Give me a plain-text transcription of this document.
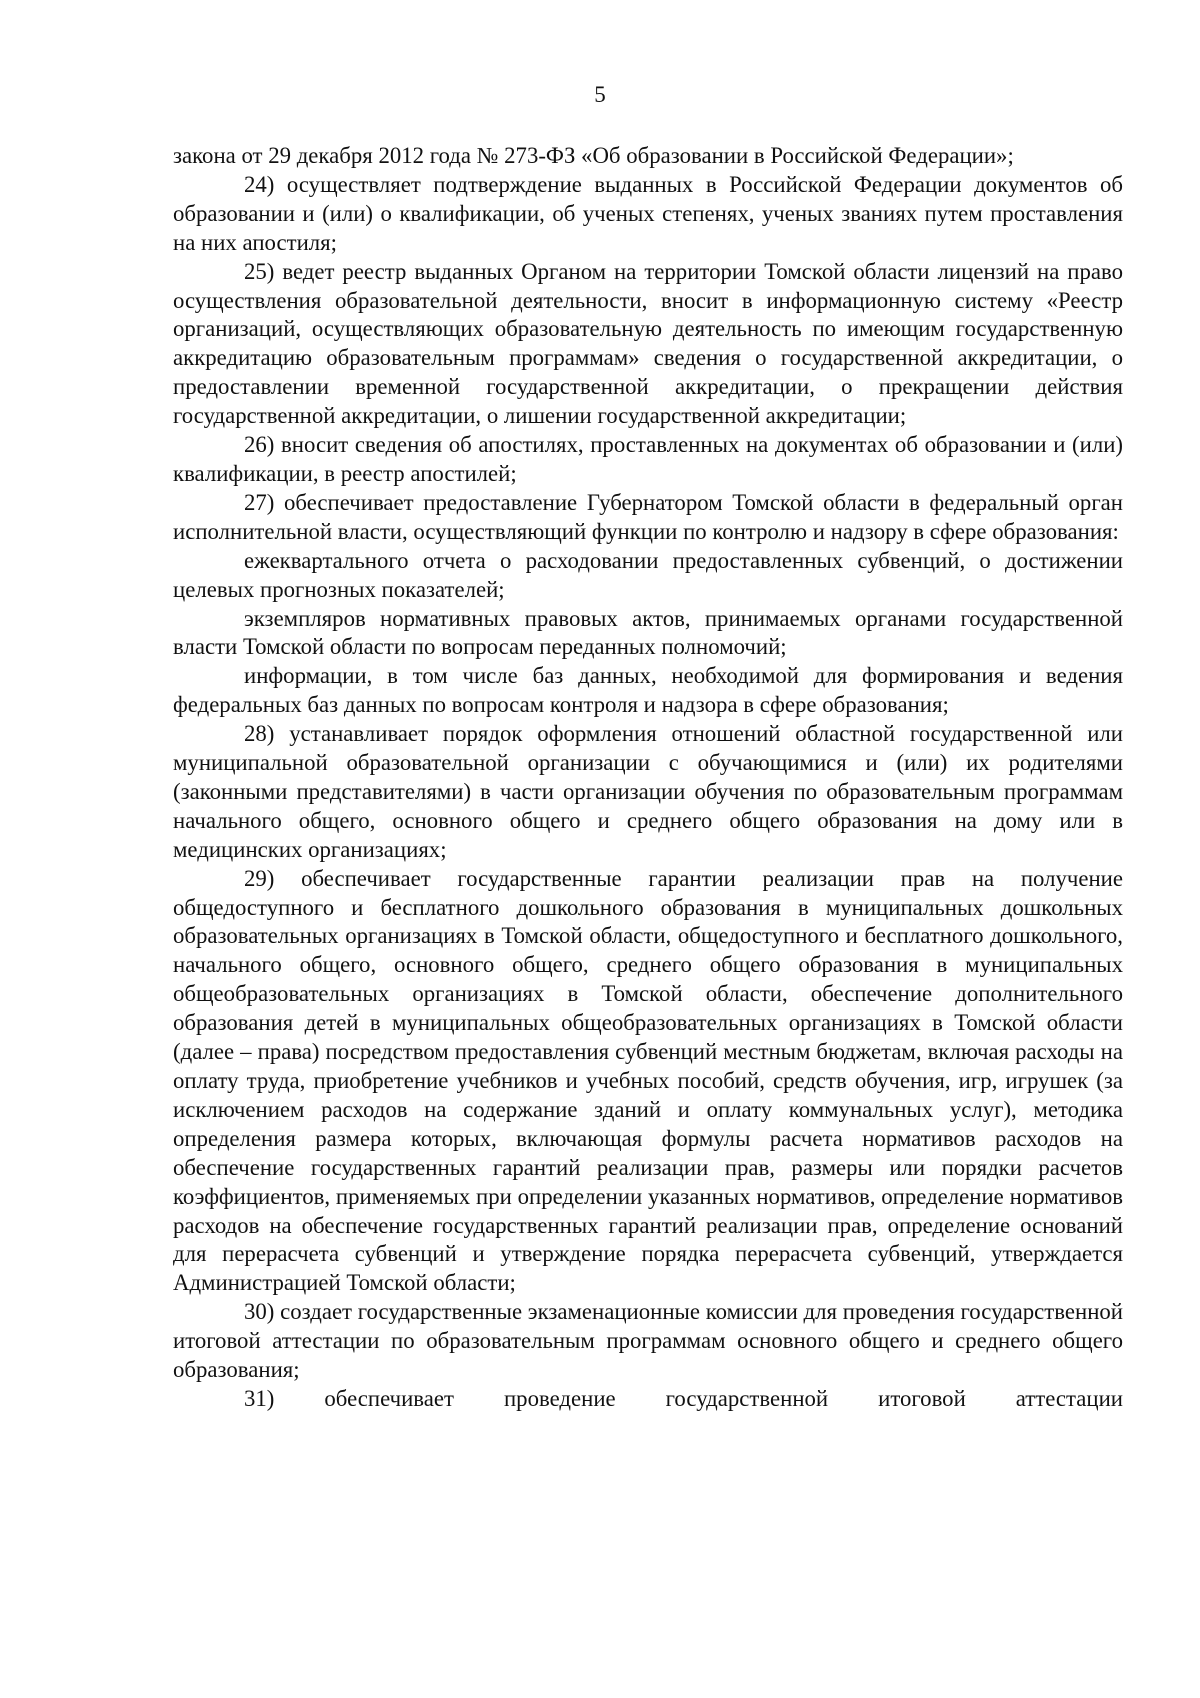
5

закона от 29 декабря 2012 года № 273-ФЗ «Об образовании в Российской Федерации»;

24) осуществляет подтверждение выданных в Российской Федерации документов об образовании и (или) о квалификации, об ученых степенях, ученых званиях путем проставления на них апостиля;

25) ведет реестр выданных Органом на территории Томской области лицензий на право осуществления образовательной деятельности, вносит в информационную систему «Реестр организаций, осуществляющих образовательную деятельность по имеющим государственную аккредитацию образовательным программам» сведения о государственной аккредитации, о предоставлении временной государственной аккредитации, о прекращении действия государственной аккредитации, о лишении государственной аккредитации;

26) вносит сведения об апостилях, проставленных на документах об образовании и (или) квалификации, в реестр апостилей;

27) обеспечивает предоставление Губернатором Томской области в федеральный орган исполнительной власти, осуществляющий функции по контролю и надзору в сфере образования:

ежеквартального отчета о расходовании предоставленных субвенций, о достижении целевых прогнозных показателей;

экземпляров нормативных правовых актов, принимаемых органами государственной власти Томской области по вопросам переданных полномочий;

информации, в том числе баз данных, необходимой для формирования и ведения федеральных баз данных по вопросам контроля и надзора в сфере образования;

28) устанавливает порядок оформления отношений областной государственной или муниципальной образовательной организации с обучающимися и (или) их родителями (законными представителями) в части организации обучения по образовательным программам начального общего, основного общего и среднего общего образования на дому или в медицинских организациях;

29) обеспечивает государственные гарантии реализации прав на получение общедоступного и бесплатного дошкольного образования в муниципальных дошкольных образовательных организациях в Томской области, общедоступного и бесплатного дошкольного, начального общего, основного общего, среднего общего образования в муниципальных общеобразовательных организациях в Томской области, обеспечение дополнительного образования детей в муниципальных общеобразовательных организациях в Томской области (далее – права) посредством предоставления субвенций местным бюджетам, включая расходы на оплату труда, приобретение учебников и учебных пособий, средств обучения, игр, игрушек (за исключением расходов на содержание зданий и оплату коммунальных услуг), методика определения размера которых, включающая формулы расчета нормативов расходов на обеспечение государственных гарантий реализации прав, размеры или порядки расчетов коэффициентов, применяемых при определении указанных нормативов, определение нормативов расходов на обеспечение государственных гарантий реализации прав, определение оснований для перерасчета субвенций и утверждение порядка перерасчета субвенций, утверждается Администрацией Томской области;

30) создает государственные экзаменационные комиссии для проведения государственной итоговой аттестации по образовательным программам основного общего и среднего общего образования;

31) обеспечивает проведение государственной итоговой аттестации
